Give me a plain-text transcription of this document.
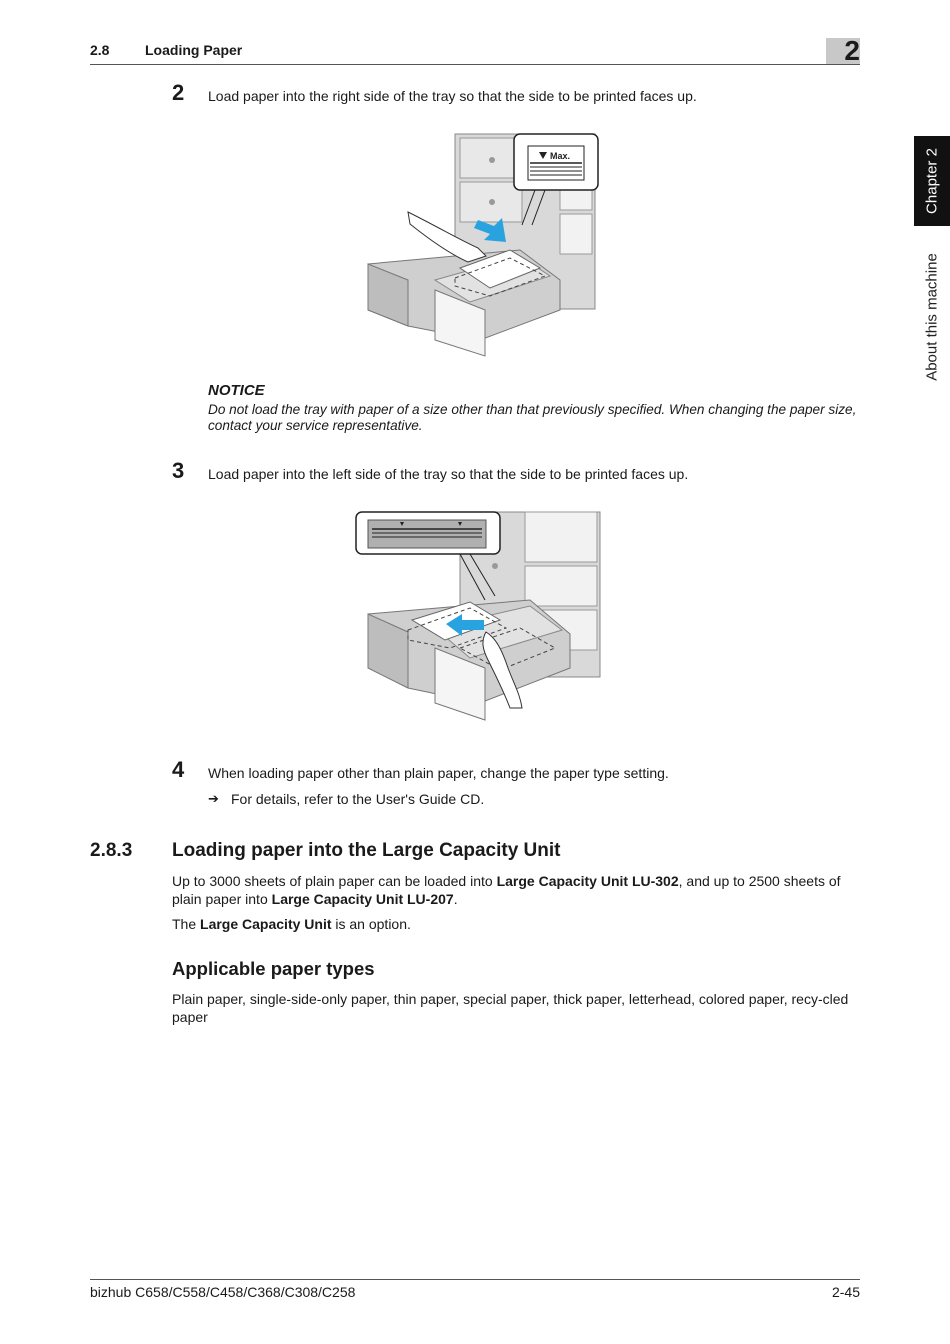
2.8	Loading Paper	2
Chapter 2
About this machine
2 Load paper into the right side of the tray so that the side to be printed faces up.
Max.
NOTICE
Do not load the tray with paper of a size other than that previously specified. When changing the paper size, contact your service representative.
3 Load paper into the left side of the tray so that the side to be printed faces up.
4 When loading paper other than plain paper, change the paper type setting.
➔ For details, refer to the User's Guide CD.
2.8.3 Loading paper into the Large Capacity Unit
Up to 3000 sheets of plain paper can be loaded into Large Capacity Unit LU-302, and up to 2500 sheets of plain paper into Large Capacity Unit LU-207.
The Large Capacity Unit is an option.
Applicable paper types
Plain paper, single-side-only paper, thin paper, special paper, thick paper, letterhead, colored paper, recy-cled paper
bizhub C658/C558/C458/C368/C308/C258	2-45
